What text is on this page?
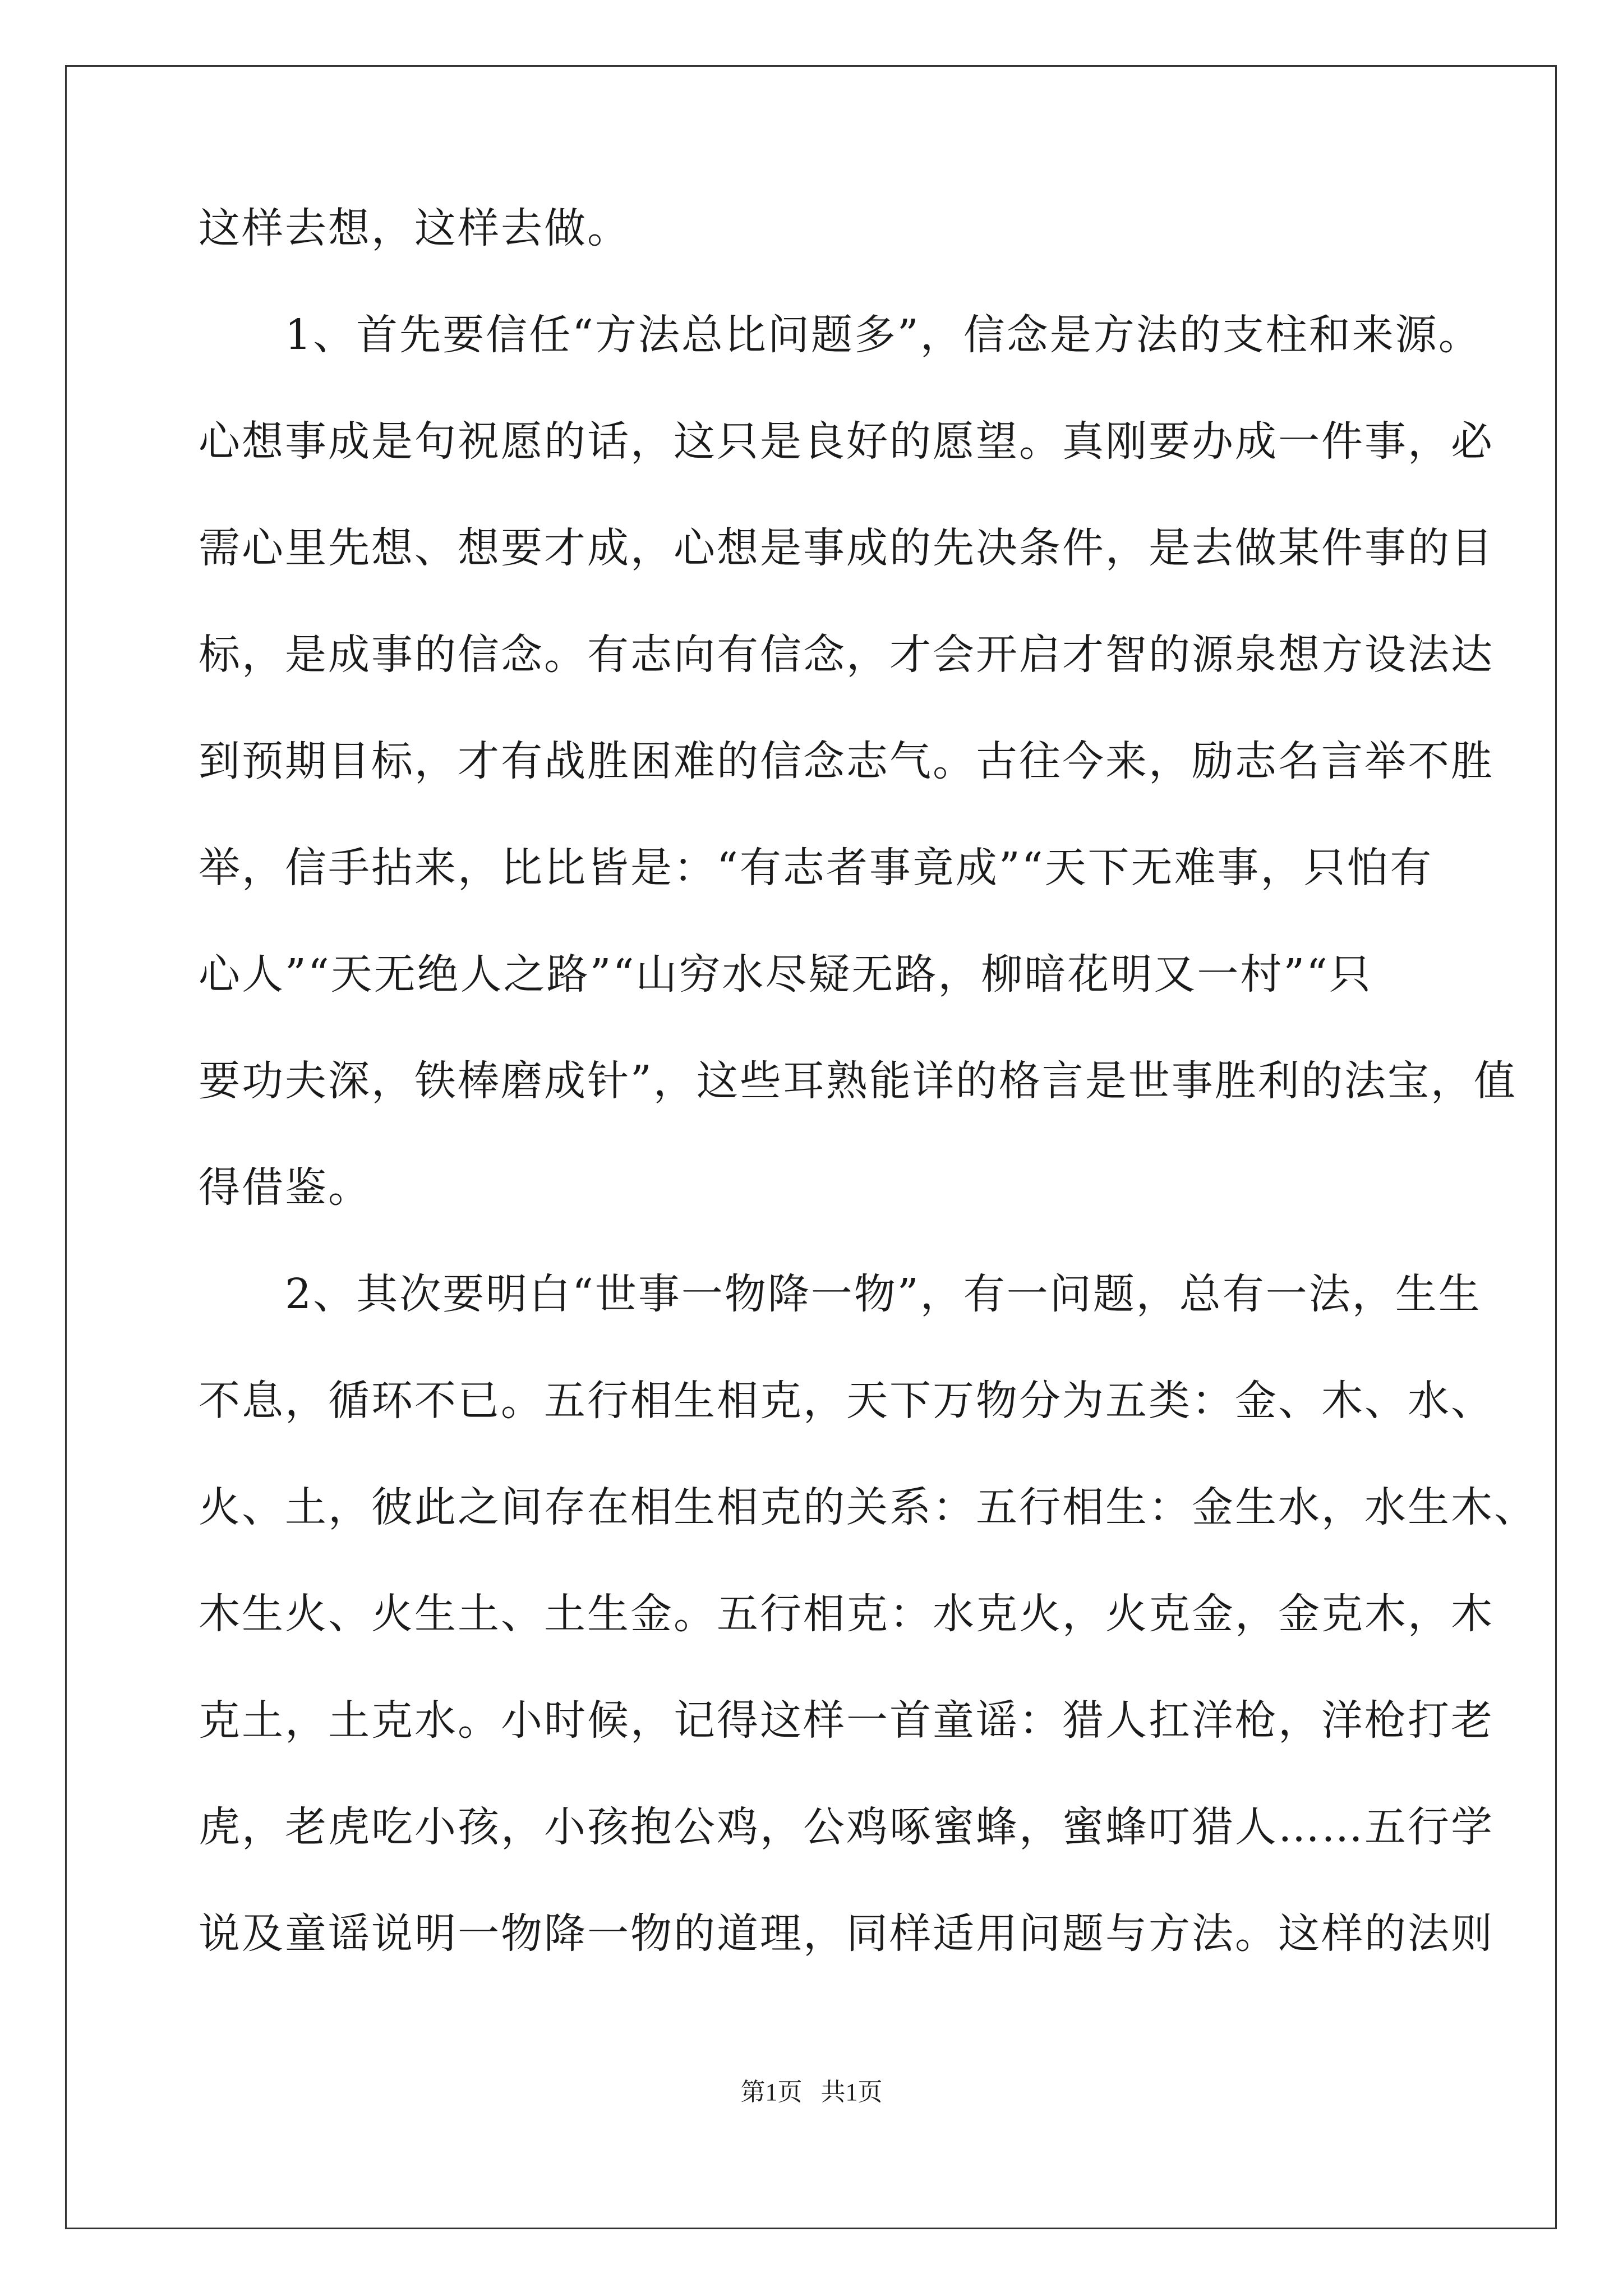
这样去想，这样去做。
　　1、首先要信任“方法总比问题多”，信念是方法的支柱和来源。
心想事成是句祝愿的话，这只是良好的愿望。真刚要办成一件事，必
需心里先想、想要才成，心想是事成的先决条件，是去做某件事的目
标，是成事的信念。有志向有信念，才会开启才智的源泉想方设法达
到预期目标，才有战胜困难的信念志气。古往今来，励志名言举不胜
举，信手拈来，比比皆是：“有志者事竟成”“天下无难事，只怕有
心人”“天无绝人之路”“山穷水尽疑无路，柳暗花明又一村”“只
要功夫深，铁棒磨成针”，这些耳熟能详的格言是世事胜利的法宝，值
得借鉴。
　　2、其次要明白“世事一物降一物”，有一问题，总有一法，生生
不息，循环不已。五行相生相克，天下万物分为五类：金、木、水、
火、土，彼此之间存在相生相克的关系：五行相生：金生水，水生木、
木生火、火生土、土生金。五行相克：水克火，火克金，金克木，木
克土，土克水。小时候，记得这样一首童谣：猎人扛洋枪，洋枪打老
虎，老虎吃小孩，小孩抱公鸡，公鸡啄蜜蜂，蜜蜂叮猎人……五行学
说及童谣说明一物降一物的道理，同样适用问题与方法。这样的法则
第1页 共1页
